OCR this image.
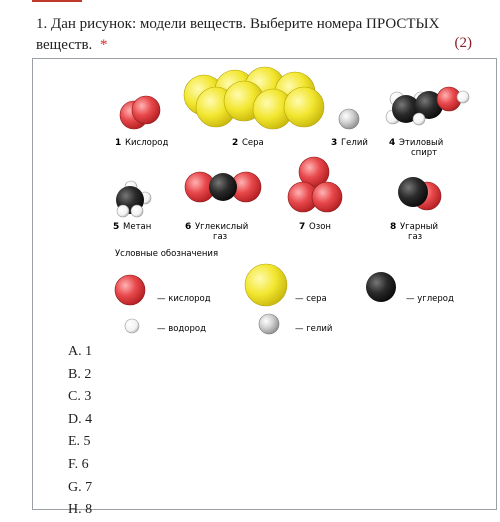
1. Дан рисунок: модели веществ. Выберите номера ПРОСТЫХ веществ. *	(2)
1 Кислород	2 Сера	3 Гелий 4 Этиловый
спирт
5 Метан	6 Углекислый
газ
7 Озон	8 Угарный
газ
Условные обозначения
— кислород	— сера	— углерод
— водород	— гелий
A. 1
B. 2
C. 3
D. 4
E. 5
F. 6
G. 7
H. 8
